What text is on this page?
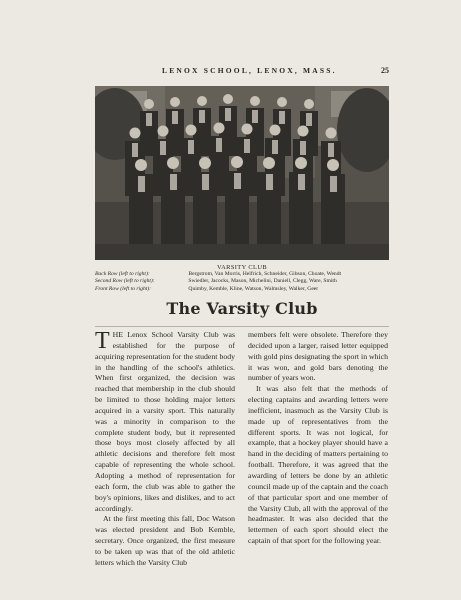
LENOX SCHOOL, LENOX, MASS.	25
VARSITY CLUB
Back Row (left to right):	Bergstrom, Van Morris, Helfrich, Schneider, Gibson, Choate, Wendt
Second Row (left to right):	Swiedler, Jacocks, Mason, Michelini, Daniell, Clegg, Ware, Smith
Front Row (left to right):	Quimby, Kemble, Kline, Watson, Walmsley, Walker, Geer
The Varsity Club

THE Lenox School Varsity Club was established for the purpose of acquiring representation for the student body in the handling of the school's athletics. When first organized, the decision was reached that membership in the club should be limited to those holding major letters acquired in a varsity sport. This naturally was a minority in comparison to the complete student body, but it represented those boys most closely affected by all athletic decisions and therefore felt most capable of representing the whole school. Adopting a method of representation for each form, the club was able to gather the boy's opinions, likes and dislikes, and to act accordingly.

At the first meeting this fall, Doc Watson was elected president and Bob Kemble, secretary. Once organized, the first measure to be taken up was that of the old athletic letters which the Varsity Club

members felt were obsolete. Therefore they decided upon a larger, raised letter equipped with gold pins designating the sport in which it was won, and gold bars denoting the number of years won.

It was also felt that the methods of electing captains and awarding letters were inefficient, inasmuch as the Varsity Club is made up of representatives from the different sports. It was not logical, for example, that a hockey player should have a hand in the deciding of matters pertaining to football. Therefore, it was agreed that the awarding of letters be done by an athletic council made up of the captain and the coach of that particular sport and one member of the Varsity Club, all with the approval of the headmaster. It was also decided that the lettermen of each sport should elect the captain of that sport for the following year.
